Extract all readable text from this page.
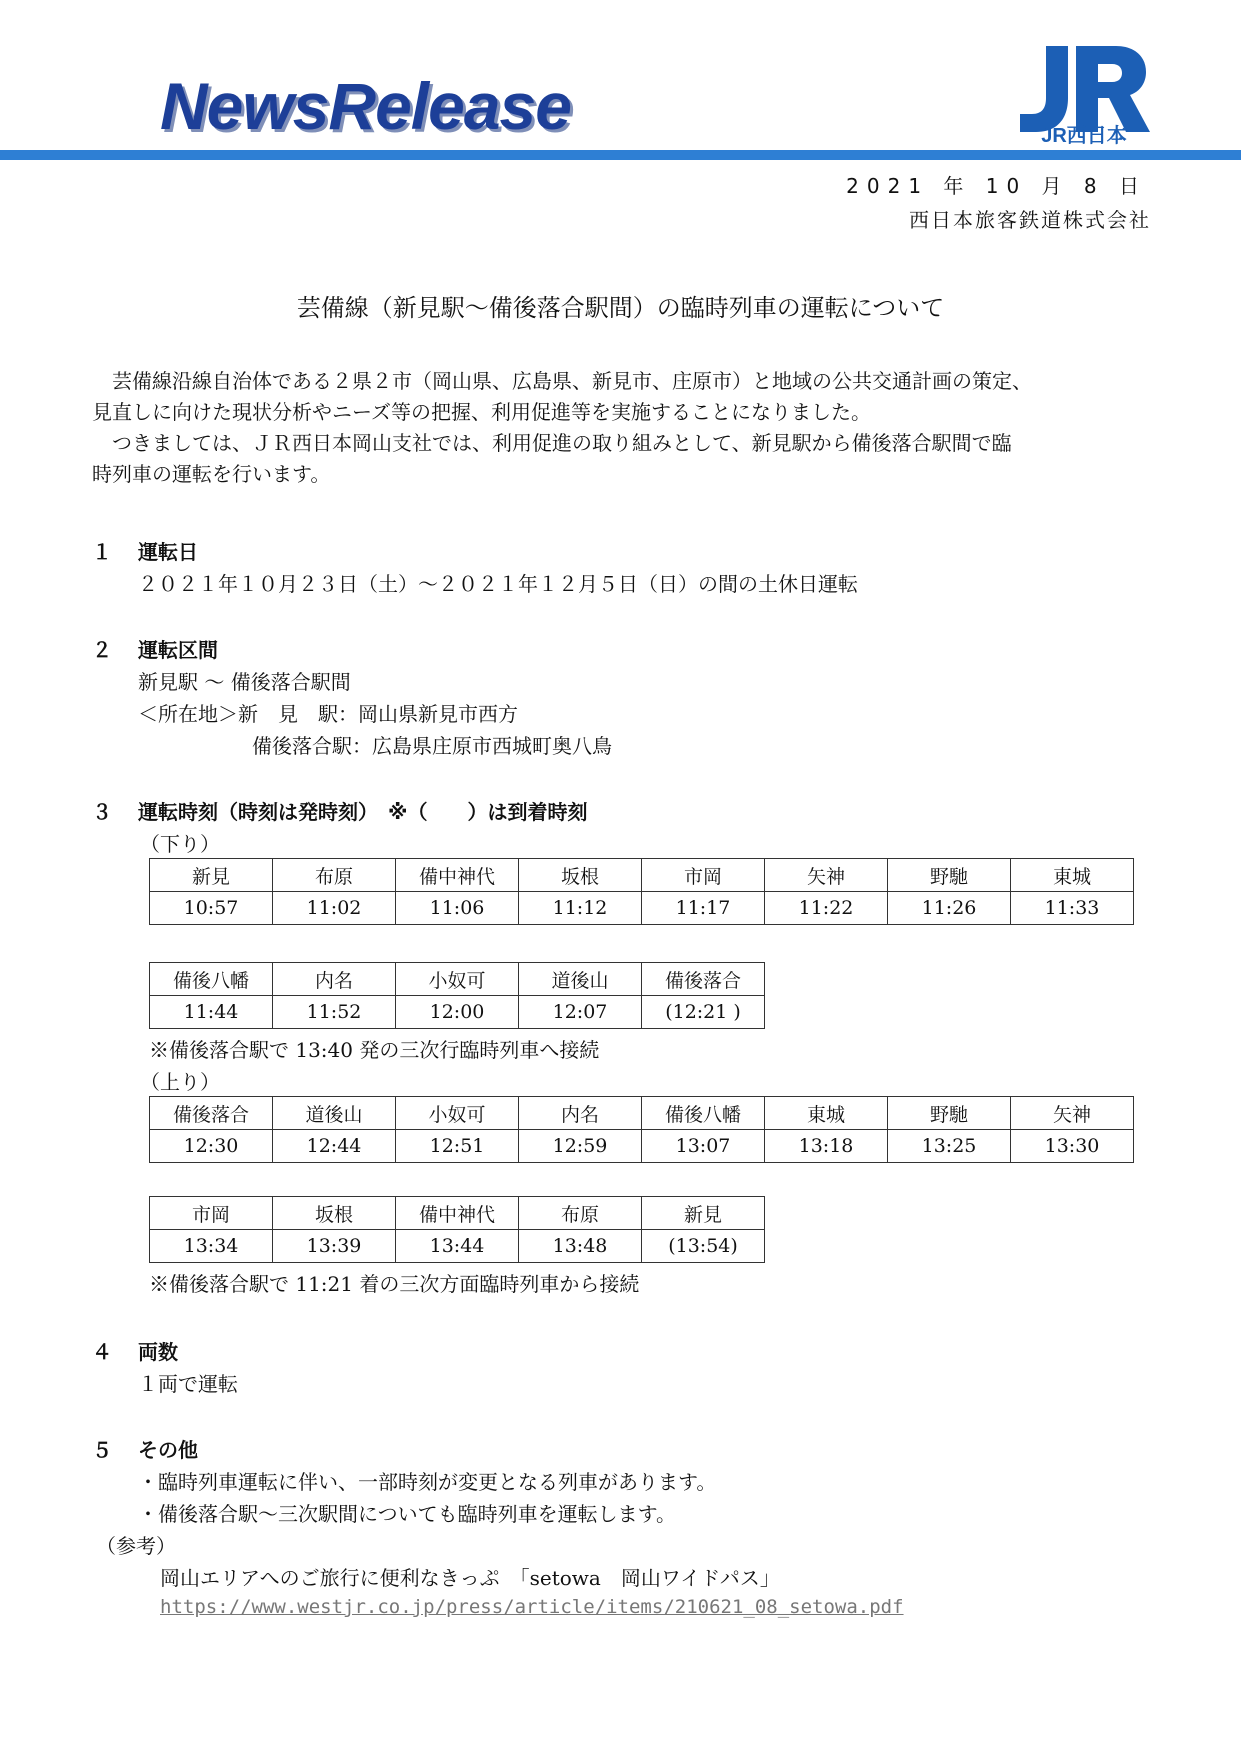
NewsRelease	JR西日本
2021 年 10 月 8 日
西日本旅客鉄道株式会社
芸備線（新見駅～備後落合駅間）の臨時列車の運転について
芸備線沿線自治体である２県２市（岡山県、広島県、新見市、庄原市）と地域の公共交通計画の策定、
見直しに向けた現状分析やニーズ等の把握、利用促進等を実施することになりました。
つきましては、ＪＲ西日本岡山支社では、利用促進の取り組みとして、新見駅から備後落合駅間で臨
時列車の運転を行います。
１ 運転日
２０２１年１０月２３日（土）～２０２１年１２月５日（日）の間の土休日運転
２ 運転区間
新見駅 ～ 備後落合駅間
＜所在地＞新　見　駅：岡山県新見市西方
備後落合駅：広島県庄原市西城町奥八鳥
３ 運転時刻（時刻は発時刻）　※（　　）は到着時刻
（下り）
新見	布原	備中神代	坂根	市岡	矢神	野馳	東城
10:57	11:02	11:06	11:12	11:17	11:22	11:26	11:33
備後八幡	内名	小奴可	道後山	備後落合
11:44	11:52	12:00	12:07	(12:21 )
※備後落合駅で 13:40 発の三次行臨時列車へ接続
（上り）
備後落合	道後山	小奴可	内名	備後八幡	東城	野馳	矢神
12:30	12:44	12:51	12:59	13:07	13:18	13:25	13:30
市岡	坂根	備中神代	布原	新見
13:34	13:39	13:44	13:48	(13:54)
※備後落合駅で 11:21 着の三次方面臨時列車から接続
４ 両数
１両で運転
５ その他
・臨時列車運転に伴い、一部時刻が変更となる列車があります。
・備後落合駅～三次駅間についても臨時列車を運転します。
（参考）
岡山エリアへのご旅行に便利なきっぷ　「setowa　岡山ワイドパス」
https://www.westjr.co.jp/press/article/items/210621_08_setowa.pdf
